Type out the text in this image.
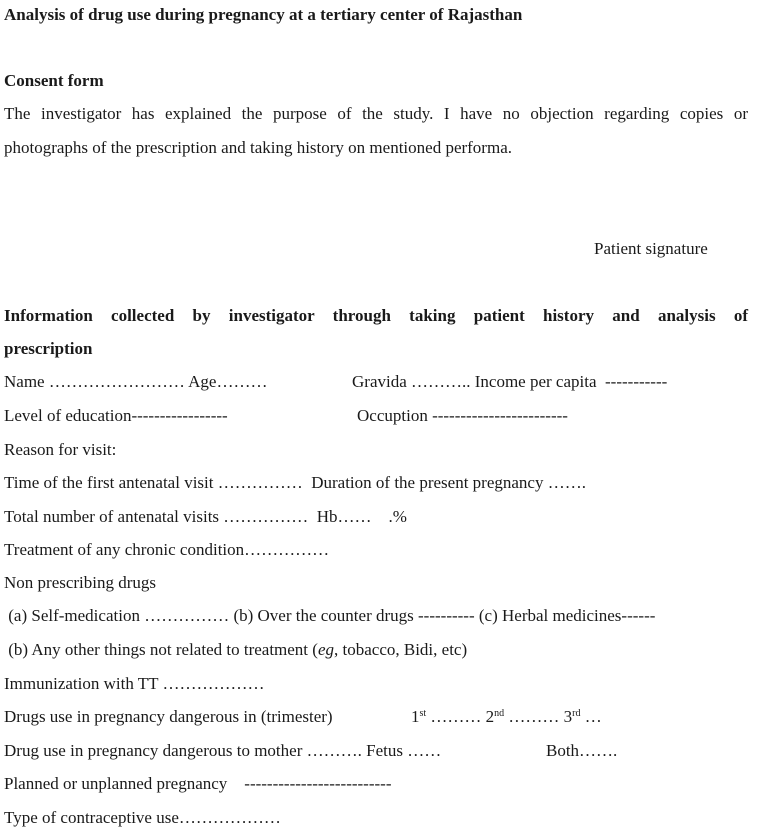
Analysis of drug use during pregnancy at a tertiary center of Rajasthan
Consent form
The investigator has explained the purpose of the study. I have no objection regarding copies or
photographs of the prescription and taking history on mentioned performa.
Patient signature
Information collected by investigator through taking patient history and analysis of
prescription
Name …………………… Age………	Gravida ……….. Income per capita  -----------
Level of education-----------------	Occuption ------------------------
Reason for visit:
Time of the first antenatal visit ……………  Duration of the present pregnancy …….
Total number of antenatal visits ……………  Hb……    .%
Treatment of any chronic condition……………
Non prescribing drugs
(a) Self-medication …………… (b) Over the counter drugs ---------- (c) Herbal medicines------
(b) Any other things not related to treatment (eg, tobacco, Bidi, etc)
Immunization with TT ………………
Drugs use in pregnancy dangerous in (trimester)	1st ……… 2nd ……… 3rd …
Drug use in pregnancy dangerous to mother ………. Fetus ……	Both…….
Planned or unplanned pregnancy    --------------------------
Type of contraceptive use………………
